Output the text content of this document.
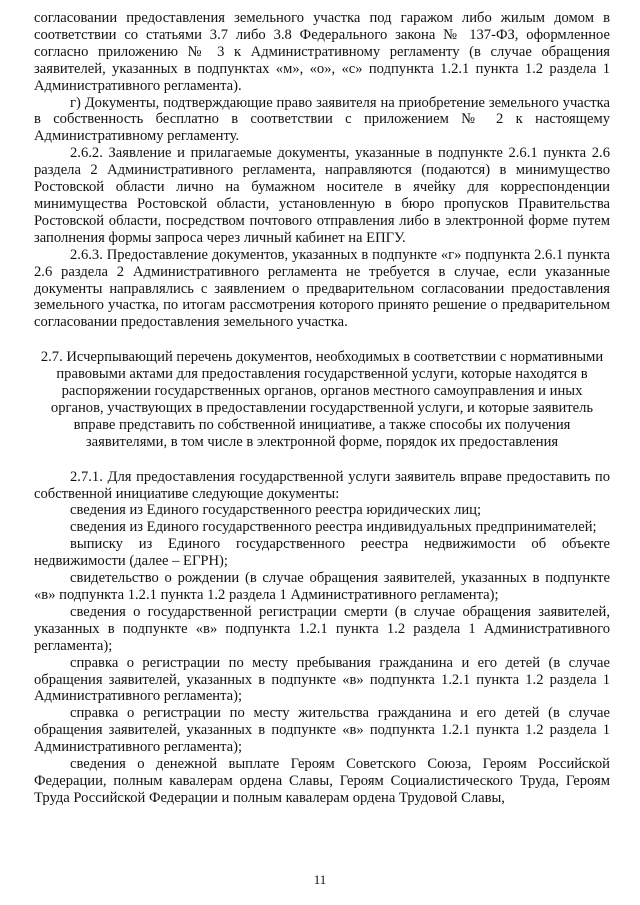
согласовании предоставления земельного участка под гаражом либо жилым домом в соответствии со статьями 3.7 либо 3.8 Федерального закона № 137-ФЗ, оформленное согласно приложению № 3 к Административному регламенту (в случае обращения заявителей, указанных в подпунктах «м», «о», «с» подпункта 1.2.1 пункта 1.2 раздела 1 Административного регламента).

г) Документы, подтверждающие право заявителя на приобретение земельного участка в собственность бесплатно в соответствии с приложением № 2 к настоящему Административному регламенту.

2.6.2. Заявление и прилагаемые документы, указанные в подпункте 2.6.1 пункта 2.6 раздела 2 Административного регламента, направляются (подаются) в минимущество Ростовской области лично на бумажном носителе в ячейку для корреспонденции минимущества Ростовской области, установленную в бюро пропусков Правительства Ростовской области, посредством почтового отправления либо в электронной форме путем заполнения формы запроса через личный кабинет на ЕПГУ.

2.6.3. Предоставление документов, указанных в подпункте «г» подпункта 2.6.1 пункта 2.6 раздела 2 Административного регламента не требуется в случае, если указанные документы направлялись с заявлением о предварительном согласовании предоставления земельного участка, по итогам рассмотрения которого принято решение о предварительном согласовании предоставления земельного участка.

2.7. Исчерпывающий перечень документов, необходимых в соответствии с нормативными правовыми актами для предоставления государственной услуги, которые находятся в распоряжении государственных органов, органов местного самоуправления и иных органов, участвующих в предоставлении государственной услуги, и которые заявитель вправе представить по собственной инициативе, а также способы их получения заявителями, в том числе в электронной форме, порядок их предоставления

2.7.1. Для предоставления государственной услуги заявитель вправе предоставить по собственной инициативе следующие документы:

сведения из Единого государственного реестра юридических лиц;

сведения из Единого государственного реестра индивидуальных предпринимателей;

выписку из Единого государственного реестра недвижимости об объекте недвижимости (далее – ЕГРН);

свидетельство о рождении (в случае обращения заявителей, указанных в подпункте «в» подпункта 1.2.1 пункта 1.2 раздела 1 Административного регламента);

сведения о государственной регистрации смерти (в случае обращения заявителей, указанных в подпункте «в» подпункта 1.2.1 пункта 1.2 раздела 1 Административного регламента);

справка о регистрации по месту пребывания гражданина и его детей (в случае обращения заявителей, указанных в подпункте «в» подпункта 1.2.1 пункта 1.2 раздела 1 Административного регламента);

справка о регистрации по месту жительства гражданина и его детей (в случае обращения заявителей, указанных в подпункте «в» подпункта 1.2.1 пункта 1.2 раздела 1 Административного регламента);

сведения о денежной выплате Героям Советского Союза, Героям Российской Федерации, полным кавалерам ордена Славы, Героям Социалистического Труда, Героям Труда Российской Федерации и полным кавалерам ордена Трудовой Славы,

11
